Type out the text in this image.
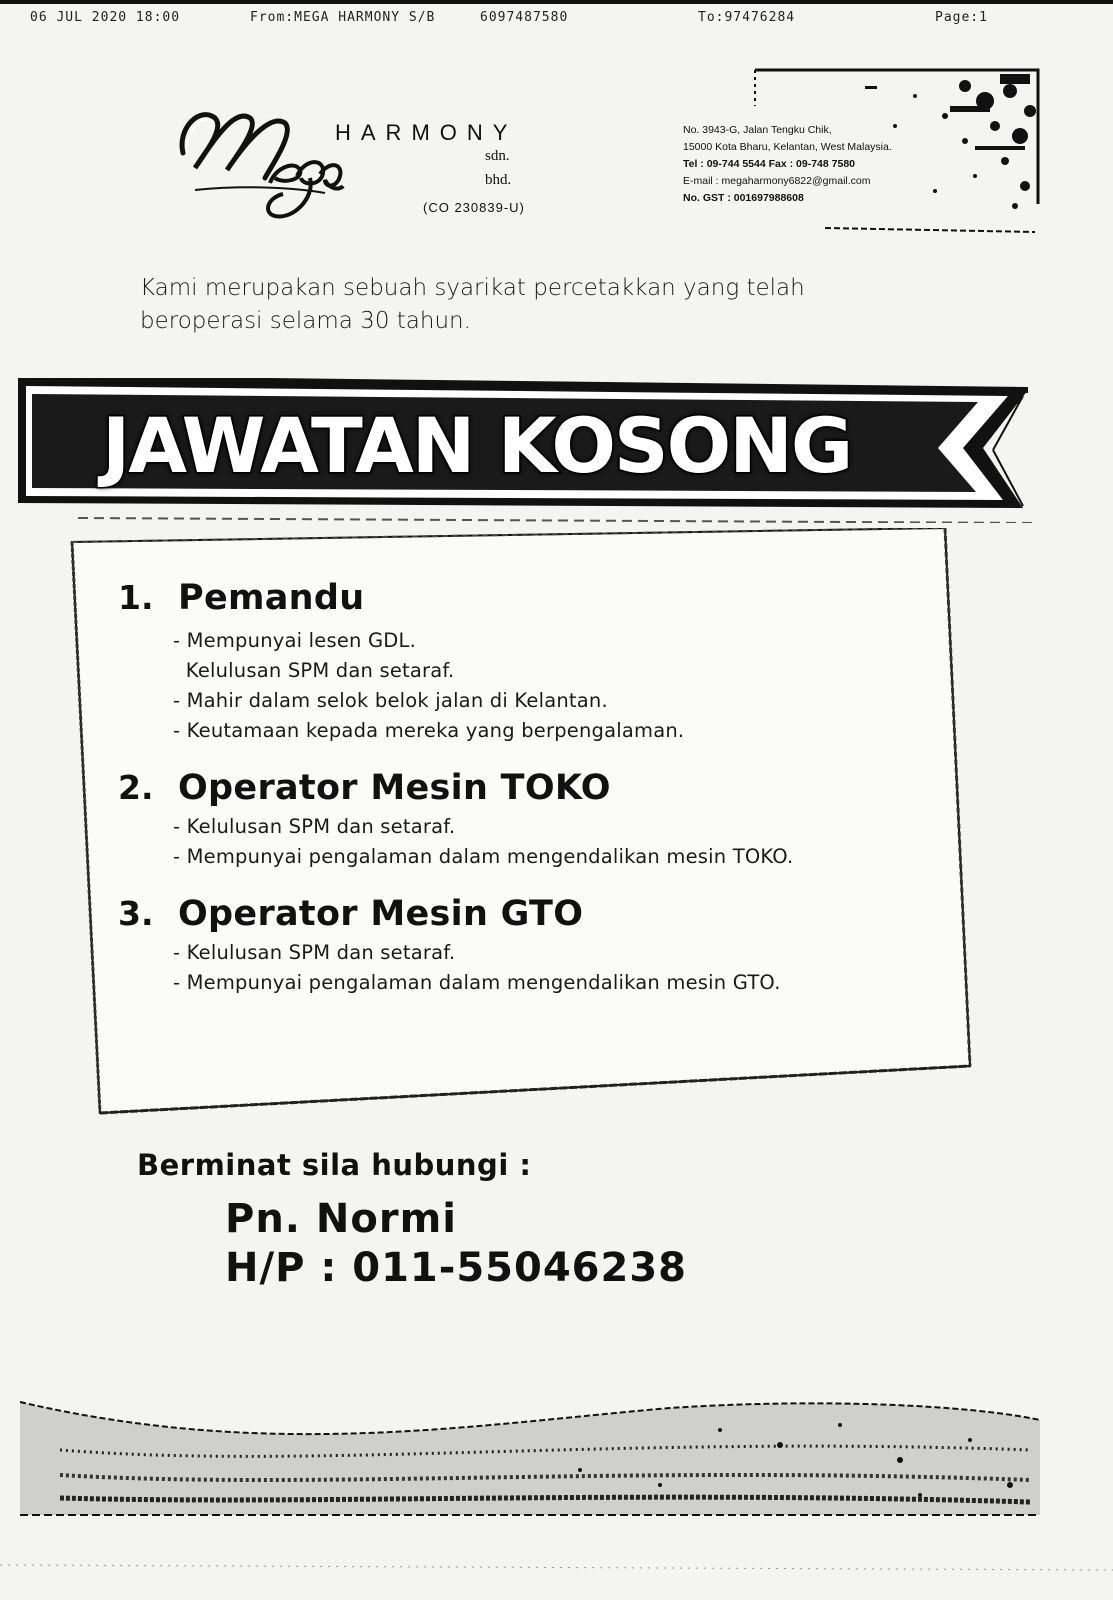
06 JUL 2020 18:00	From:MEGA HARMONY S/B	6097487580	To:97476284	Page:1
HARMONY
sdn.
bhd.
(CO 230839-U)
No. 3943-G, Jalan Tengku Chik,
15000 Kota Bharu, Kelantan, West Malaysia.
Tel : 09-744 5544 Fax : 09-748 7580
E-mail : megaharmony6822@gmail.com
No. GST : 001697988608
Kami merupakan sebuah syarikat percetakkan yang telah
beroperasi selama 30 tahun.
JAWATAN KOSONG
1. Pemandu
- Mempunyai lesen GDL.
Kelulusan SPM dan setaraf.
- Mahir dalam selok belok jalan di Kelantan.
- Keutamaan kepada mereka yang berpengalaman.
2. Operator Mesin TOKO
- Kelulusan SPM dan setaraf.
- Mempunyai pengalaman dalam mengendalikan mesin TOKO.
3. Operator Mesin GTO
- Kelulusan SPM dan setaraf.
- Mempunyai pengalaman dalam mengendalikan mesin GTO.
Berminat sila hubungi :
Pn. Normi
H/P : 011-55046238
